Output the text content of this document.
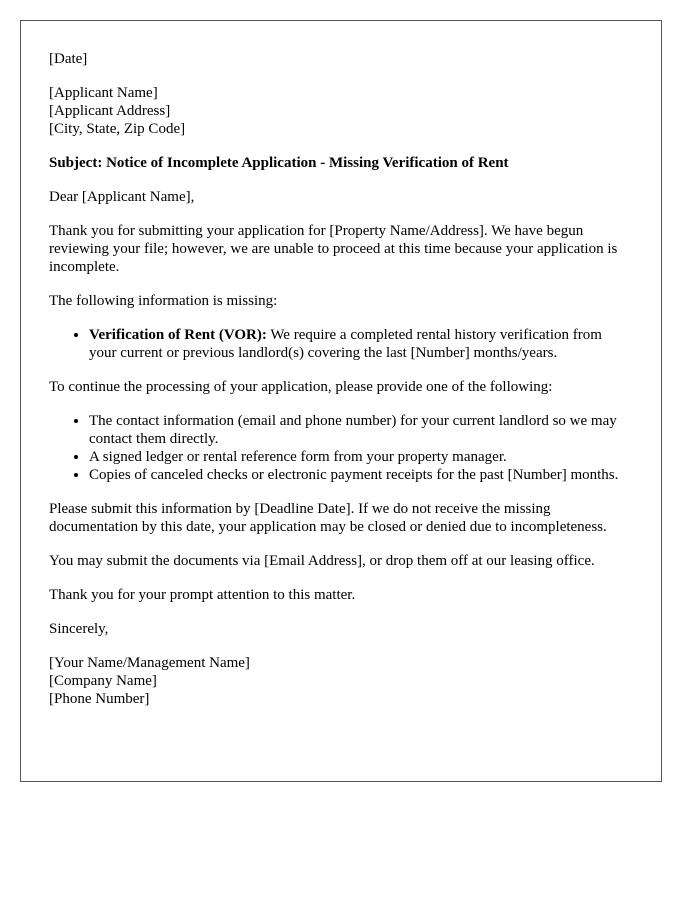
[Date]

[Applicant Name]
[Applicant Address]
[City, State, Zip Code]

Subject: Notice of Incomplete Application - Missing Verification of Rent

Dear [Applicant Name],

Thank you for submitting your application for [Property Name/Address]. We have begun reviewing your file; however, we are unable to proceed at this time because your application is incomplete.

The following information is missing:

• Verification of Rent (VOR): We require a completed rental history verification from your current or previous landlord(s) covering the last [Number] months/years.

To continue the processing of your application, please provide one of the following:

• The contact information (email and phone number) for your current landlord so we may contact them directly.
• A signed ledger or rental reference form from your property manager.
• Copies of canceled checks or electronic payment receipts for the past [Number] months.

Please submit this information by [Deadline Date]. If we do not receive the missing documentation by this date, your application may be closed or denied due to incompleteness.

You may submit the documents via [Email Address], or drop them off at our leasing office.

Thank you for your prompt attention to this matter.

Sincerely,

[Your Name/Management Name]
[Company Name]
[Phone Number]
